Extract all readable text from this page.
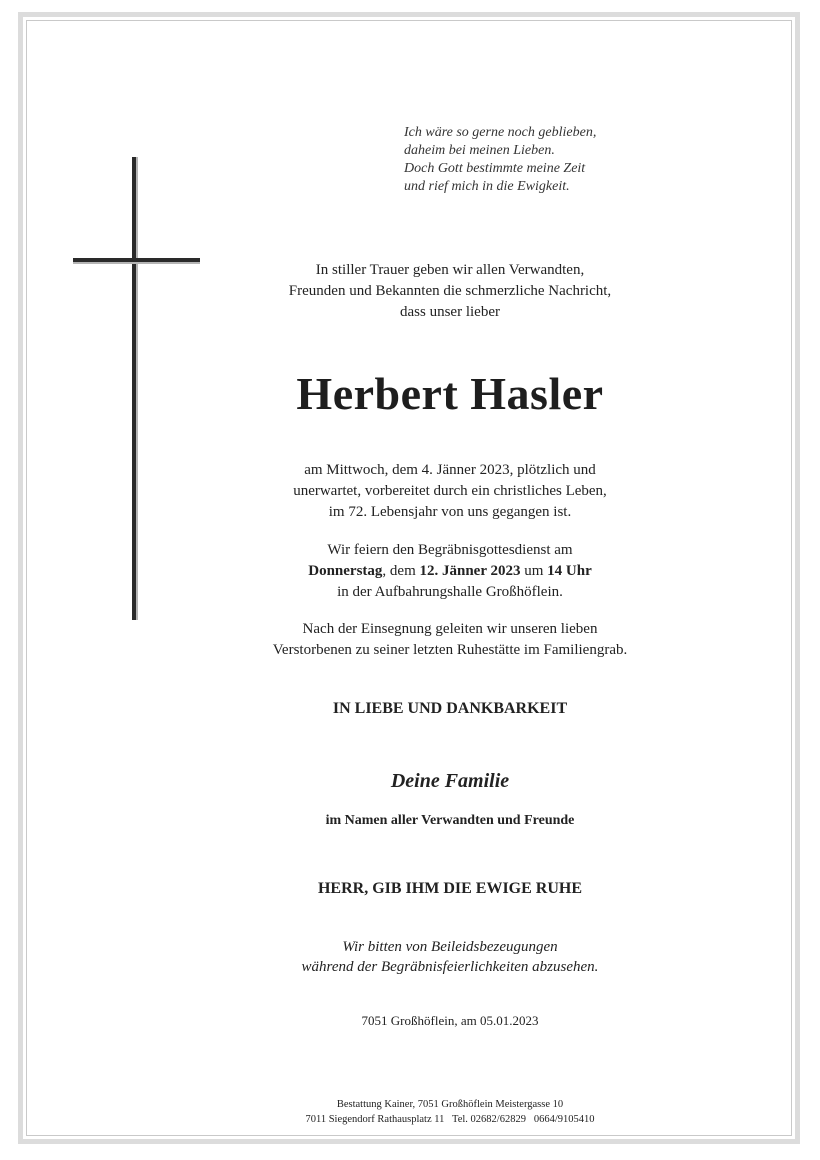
Ich wäre so gerne noch geblieben,
daheim bei meinen Lieben.
Doch Gott bestimmte meine Zeit
und rief mich in die Ewigkeit.
In stiller Trauer geben wir allen Verwandten,
Freunden und Bekannten die schmerzliche Nachricht,
dass unser lieber
Herbert Hasler
am Mittwoch, dem 4. Jänner 2023, plötzlich und
unerwartet, vorbereitet durch ein christliches Leben,
im 72. Lebensjahr von uns gegangen ist.
Wir feiern den Begräbnisgottesdienst am
Donnerstag, dem 12. Jänner 2023 um 14 Uhr
in der Aufbahrungshalle Großhöflein.
Nach der Einsegnung geleiten wir unseren lieben
Verstorbenen zu seiner letzten Ruhestätte im Familiengrab.
IN LIEBE UND DANKBARKEIT
Deine Familie
im Namen aller Verwandten und Freunde
HERR, GIB IHM DIE EWIGE RUHE
Wir bitten von Beileidsbezeugungen
während der Begräbnisfeierlichkeiten abzusehen.
7051 Großhöflein, am 05.01.2023
Bestattung Kainer, 7051 Großhöflein Meistergasse 10
7011 Siegendorf Rathausplatz 11   Tel. 02682/62829   0664/9105410
